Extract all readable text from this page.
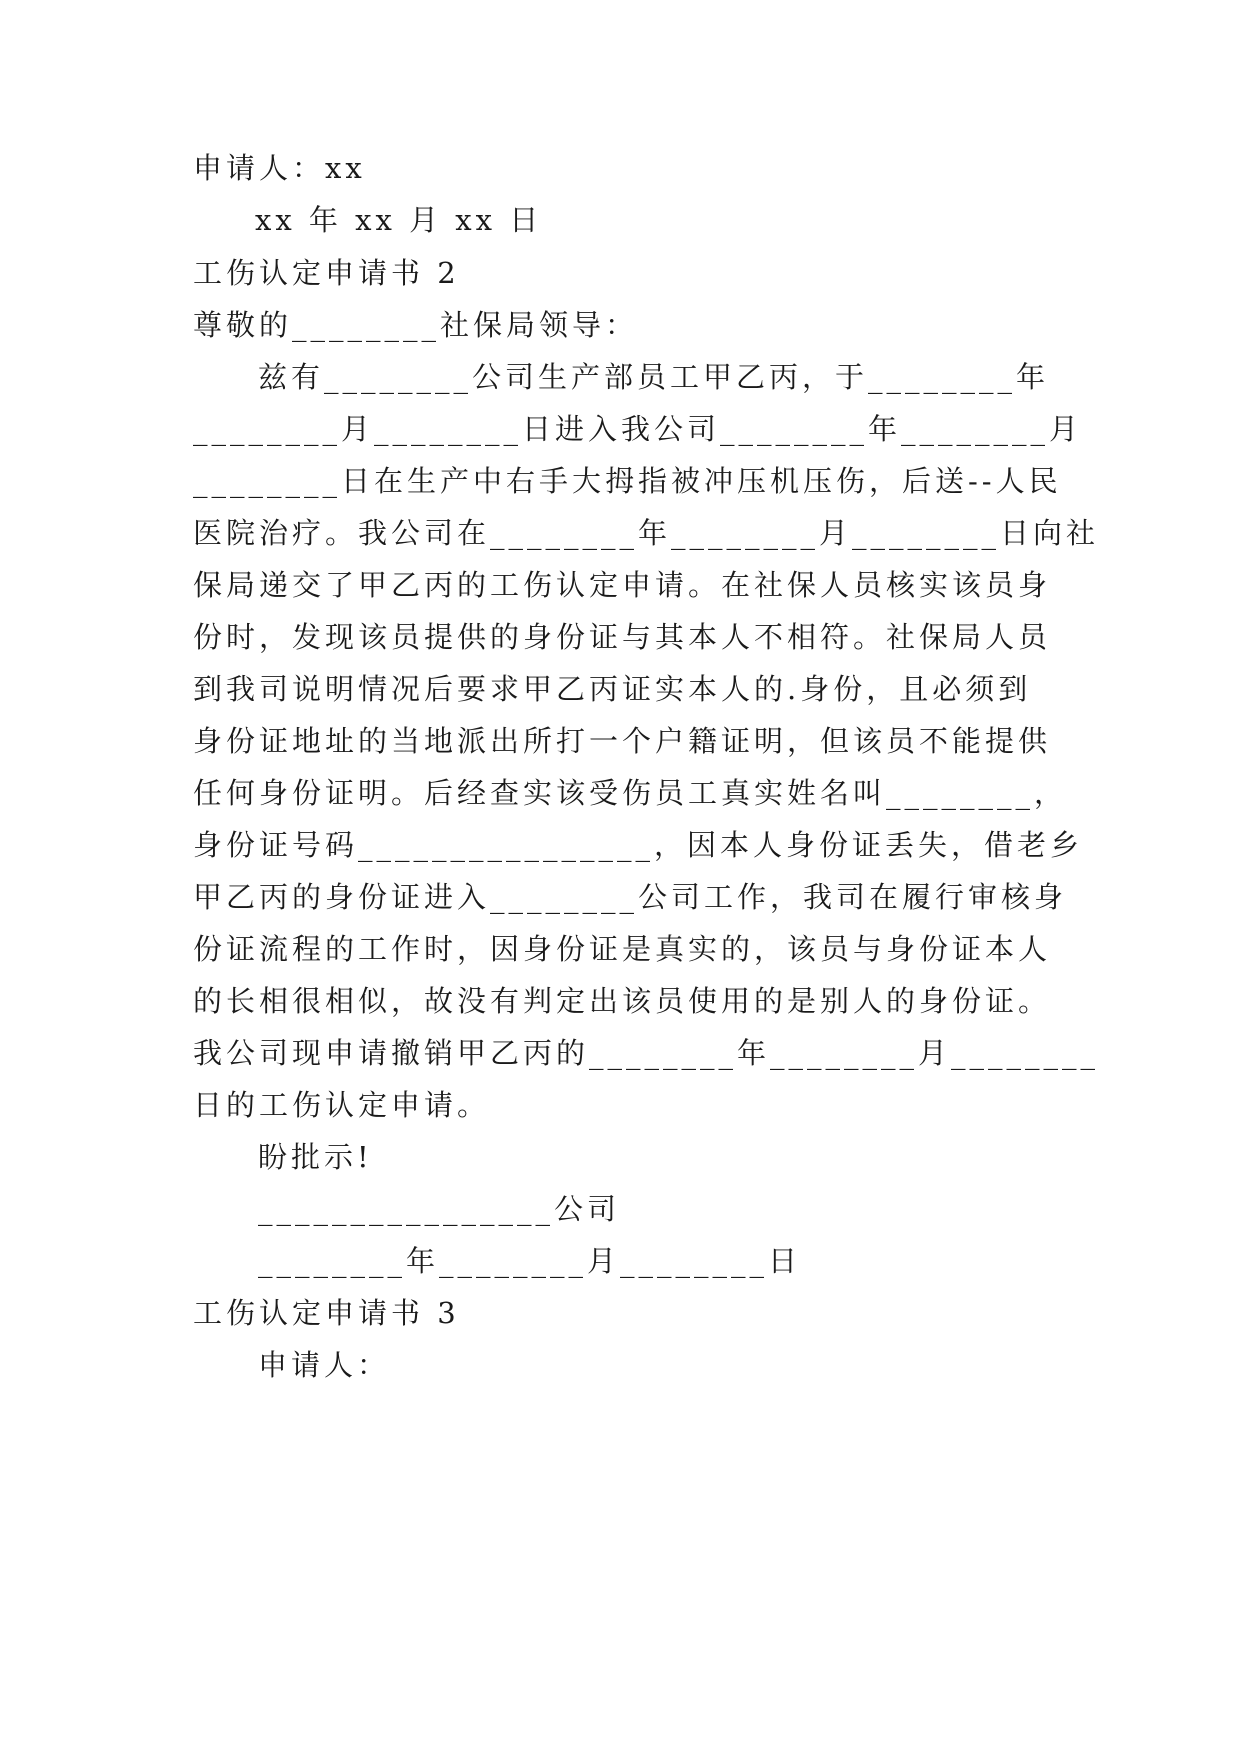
申请人：xx
xx 年 xx 月 xx 日
工伤认定申请书 2
尊敬的________社保局领导：
兹有________公司生产部员工甲乙丙，于________年
________月________日进入我公司________年________月
________日在生产中右手大拇指被冲压机压伤，后送--人民
医院治疗。我公司在________年________月________日向社
保局递交了甲乙丙的工伤认定申请。在社保人员核实该员身
份时，发现该员提供的身份证与其本人不相符。社保局人员
到我司说明情况后要求甲乙丙证实本人的.身份，且必须到
身份证地址的当地派出所打一个户籍证明，但该员不能提供
任何身份证明。后经查实该受伤员工真实姓名叫________，
身份证号码________________，因本人身份证丢失，借老乡
甲乙丙的身份证进入________公司工作，我司在履行审核身
份证流程的工作时，因身份证是真实的，该员与身份证本人
的长相很相似，故没有判定出该员使用的是别人的身份证。
我公司现申请撤销甲乙丙的________年________月________
日的工伤认定申请。
盼批示!
________________公司
________年________月________日
工伤认定申请书 3
申请人：
